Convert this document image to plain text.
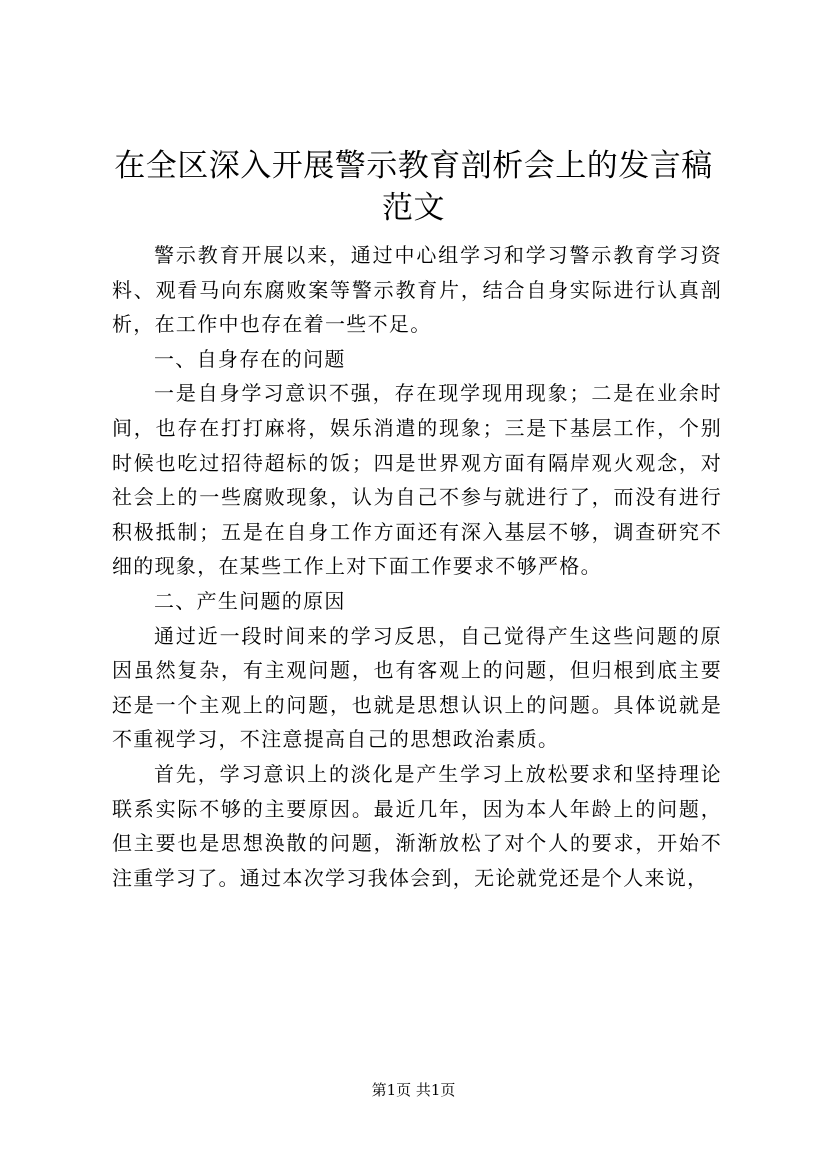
在全区深入开展警示教育剖析会上的发言稿范文

警示教育开展以来，通过中心组学习和学习警示教育学习资料、观看马向东腐败案等警示教育片，结合自身实际进行认真剖析，在工作中也存在着一些不足。

一、自身存在的问题

一是自身学习意识不强，存在现学现用现象；二是在业余时间，也存在打打麻将，娱乐消遣的现象；三是下基层工作，个别时候也吃过招待超标的饭；四是世界观方面有隔岸观火观念，对社会上的一些腐败现象，认为自己不参与就进行了，而没有进行积极抵制；五是在自身工作方面还有深入基层不够，调查研究不细的现象，在某些工作上对下面工作要求不够严格。

二、产生问题的原因

通过近一段时间来的学习反思，自己觉得产生这些问题的原因虽然复杂，有主观问题，也有客观上的问题，但归根到底主要还是一个主观上的问题，也就是思想认识上的问题。具体说就是不重视学习，不注意提高自己的思想政治素质。

首先，学习意识上的淡化是产生学习上放松要求和坚持理论联系实际不够的主要原因。最近几年，因为本人年龄上的问题，但主要也是思想涣散的问题，渐渐放松了对个人的要求，开始不注重学习了。通过本次学习我体会到，无论就党还是个人来说，

第1页 共1页
